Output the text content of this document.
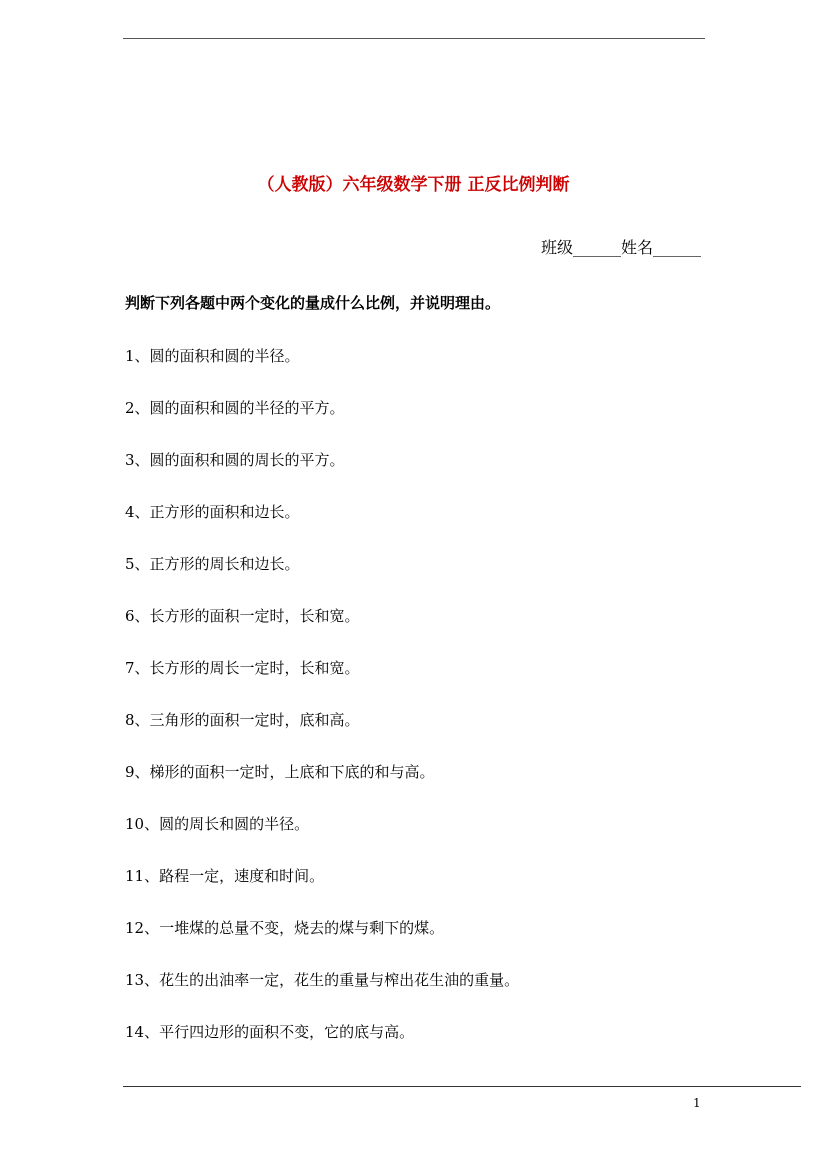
（人教版）六年级数学下册 正反比例判断
班级______姓名______
判断下列各题中两个变化的量成什么比例，并说明理由。
1、圆的面积和圆的半径。
2、圆的面积和圆的半径的平方。
3、圆的面积和圆的周长的平方。
4、正方形的面积和边长。
5、正方形的周长和边长。
6、长方形的面积一定时，长和宽。
7、长方形的周长一定时，长和宽。
8、三角形的面积一定时，底和高。
9、梯形的面积一定时，上底和下底的和与高。
10、圆的周长和圆的半径。
11、路程一定，速度和时间。
12、一堆煤的总量不变，烧去的煤与剩下的煤。
13、花生的出油率一定，花生的重量与榨出花生油的重量。
14、平行四边形的面积不变，它的底与高。
1
